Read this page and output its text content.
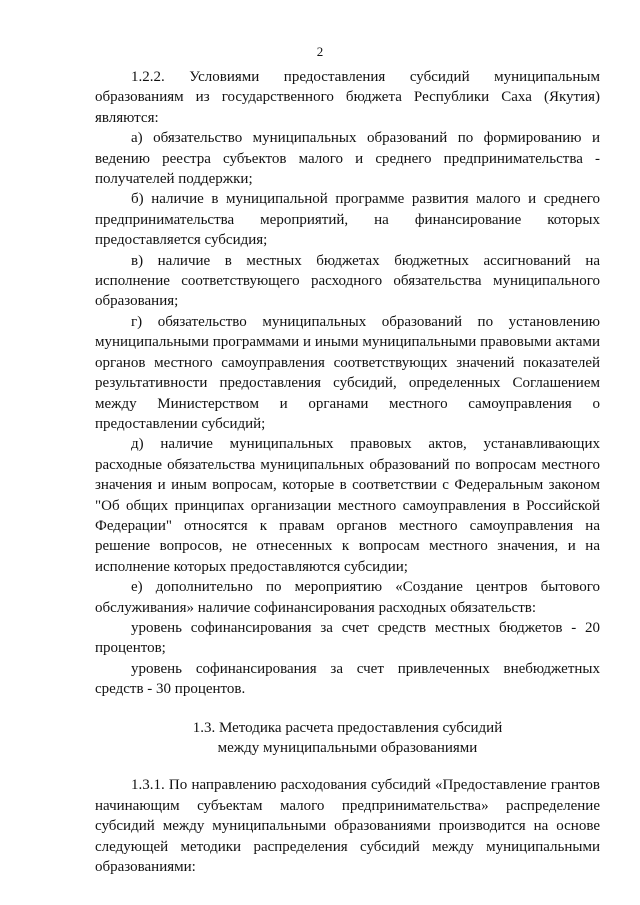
2

1.2.2. Условиями предоставления субсидий муниципальным образованиям из государственного бюджета Республики Саха (Якутия) являются:

а) обязательство муниципальных образований по формированию и ведению реестра субъектов малого и среднего предпринимательства - получателей поддержки;

б) наличие в муниципальной программе развития малого и среднего предпринимательства мероприятий, на финансирование которых предоставляется субсидия;

в) наличие в местных бюджетах бюджетных ассигнований на исполнение соответствующего расходного обязательства муниципального образования;

г) обязательство муниципальных образований по установлению муниципальными программами и иными муниципальными правовыми актами органов местного самоуправления соответствующих значений показателей результативности предоставления субсидий, определенных Соглашением между Министерством и органами местного самоуправления о предоставлении субсидий;

д) наличие муниципальных правовых актов, устанавливающих расходные обязательства муниципальных образований по вопросам местного значения и иным вопросам, которые в соответствии с Федеральным законом "Об общих принципах организации местного самоуправления в Российской Федерации" относятся к правам органов местного самоуправления на решение вопросов, не отнесенных к вопросам местного значения, и на исполнение которых предоставляются субсидии;

е) дополнительно по мероприятию «Создание центров бытового обслуживания» наличие софинансирования расходных обязательств:

уровень софинансирования за счет средств местных бюджетов - 20 процентов;

уровень софинансирования за счет привлеченных внебюджетных средств - 30 процентов.

1.3. Методика расчета предоставления субсидий
между муниципальными образованиями

1.3.1. По направлению расходования субсидий «Предоставление грантов начинающим субъектам малого предпринимательства» распределение субсидий между муниципальными образованиями производится на основе следующей методики распределения субсидий между муниципальными образованиями:
